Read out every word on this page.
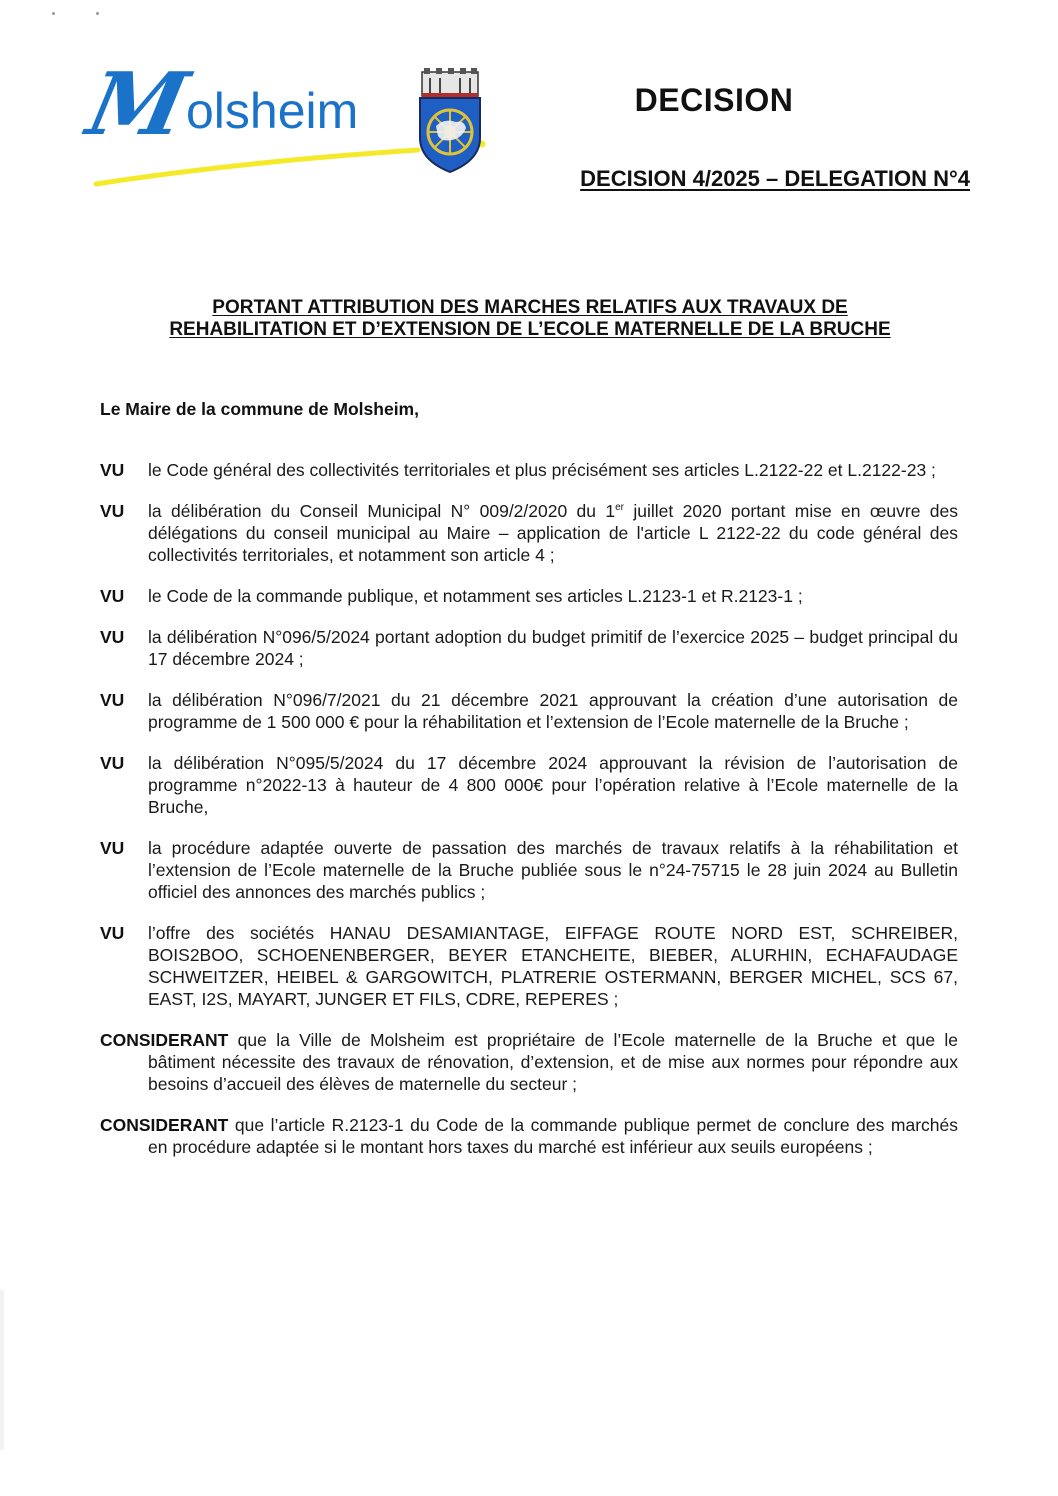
M
olsheim	DECISION
DECISION 4/2025 – DELEGATION N°4
PORTANT ATTRIBUTION DES MARCHES RELATIFS AUX TRAVAUX DE
REHABILITATION ET D’EXTENSION DE L’ECOLE MATERNELLE DE LA BRUCHE
Le Maire de la commune de Molsheim,
VU	le Code général des collectivités territoriales et plus précisément ses articles L.2122-22 et L.2122-23 ;
VU	la délibération du Conseil Municipal N° 009/2/2020 du 1er juillet 2020 portant mise en œuvre des délégations du conseil municipal au Maire – application de l'article L 2122-22 du code général des collectivités territoriales, et notamment son article 4 ;
VU	le Code de la commande publique, et notamment ses articles L.2123-1 et R.2123-1 ;
VU	la délibération N°096/5/2024 portant adoption du budget primitif de l’exercice 2025 – budget principal du 17 décembre 2024 ;
VU	la délibération N°096/7/2021 du 21 décembre 2021 approuvant la création d’une autorisation de programme de 1 500 000 € pour la réhabilitation et l’extension de l’Ecole maternelle de la Bruche ;
VU	la délibération N°095/5/2024 du 17 décembre 2024 approuvant la révision de l’autorisation de programme n°2022-13 à hauteur de 4 800 000€ pour l’opération relative à l’Ecole maternelle de la Bruche,
VU	la procédure adaptée ouverte de passation des marchés de travaux relatifs à la réhabilitation et l’extension de l’Ecole maternelle de la Bruche publiée sous le n°24-75715 le 28 juin 2024 au Bulletin officiel des annonces des marchés publics ;
VU	l’offre des sociétés HANAU DESAMIANTAGE, EIFFAGE ROUTE NORD EST, SCHREIBER, BOIS2BOO, SCHOENENBERGER, BEYER ETANCHEITE, BIEBER, ALURHIN, ECHAFAUDAGE SCHWEITZER, HEIBEL & GARGOWITCH, PLATRERIE OSTERMANN, BERGER MICHEL, SCS 67, EAST, I2S, MAYART, JUNGER ET FILS, CDRE, REPERES ;
CONSIDERANT que la Ville de Molsheim est propriétaire de l’Ecole maternelle de la Bruche et que le bâtiment nécessite des travaux de rénovation, d’extension, et de mise aux normes pour répondre aux besoins d’accueil des élèves de maternelle du secteur ;
CONSIDERANT que l’article R.2123-1 du Code de la commande publique permet de conclure des marchés en procédure adaptée si le montant hors taxes du marché est inférieur aux seuils européens ;
